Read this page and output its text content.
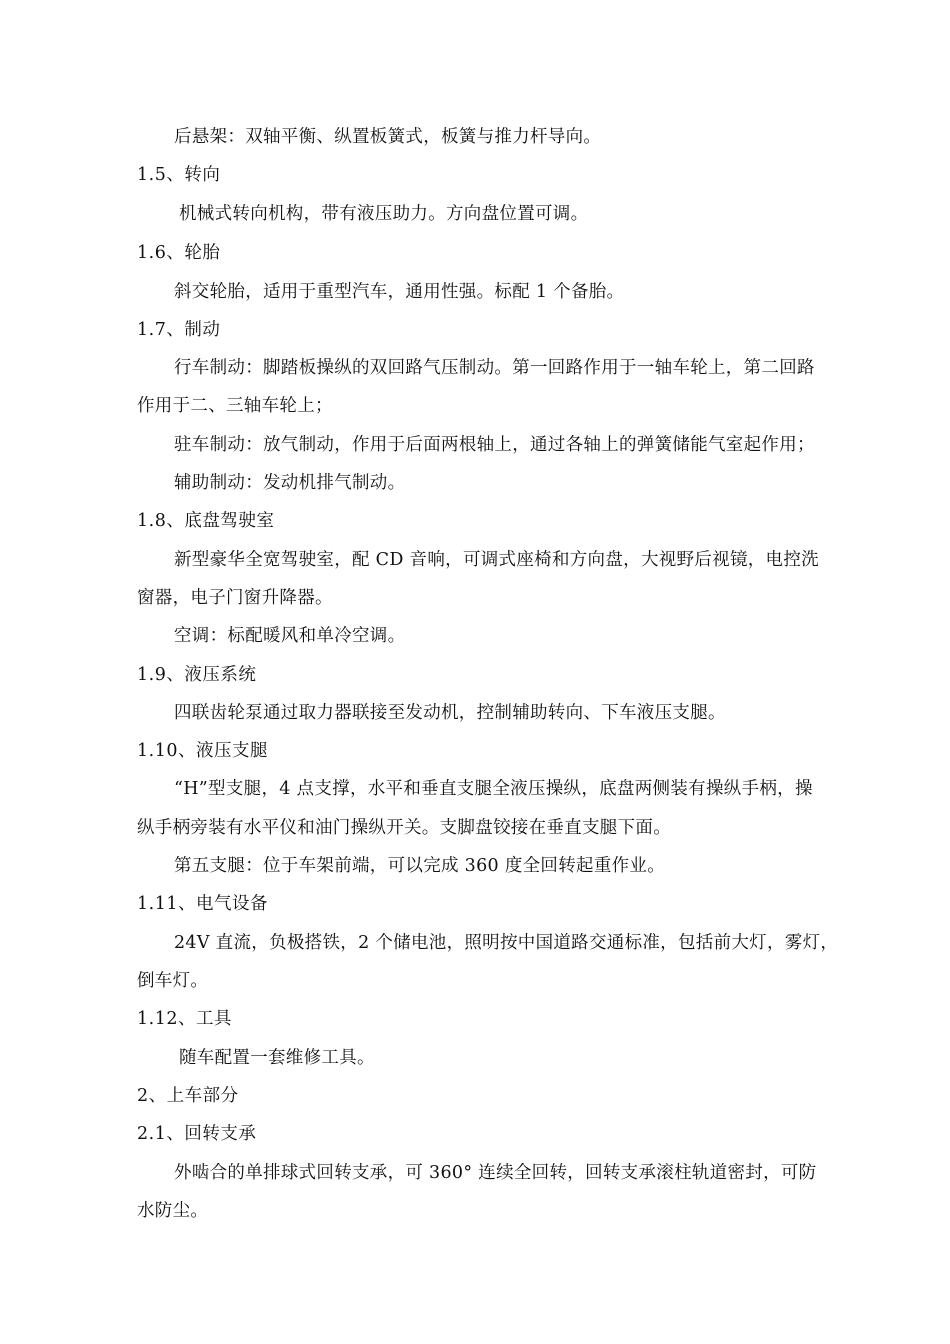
后悬架：双轴平衡、纵置板簧式，板簧与推力杆导向。
1.5、转向
机械式转向机构，带有液压助力。方向盘位置可调。
1.6、轮胎
斜交轮胎，适用于重型汽车，通用性强。标配 1 个备胎。
1.7、制动
行车制动：脚踏板操纵的双回路气压制动。第一回路作用于一轴车轮上，第二回路
作用于二、三轴车轮上；
驻车制动：放气制动，作用于后面两根轴上，通过各轴上的弹簧储能气室起作用；
辅助制动：发动机排气制动。
1.8、底盘驾驶室
新型豪华全宽驾驶室，配 CD 音响，可调式座椅和方向盘，大视野后视镜，电控洗
窗器，电子门窗升降器。
空调：标配暖风和单冷空调。
1.9、液压系统
四联齿轮泵通过取力器联接至发动机，控制辅助转向、下车液压支腿。
1.10、液压支腿
“H”型支腿，4 点支撑，水平和垂直支腿全液压操纵，底盘两侧装有操纵手柄，操
纵手柄旁装有水平仪和油门操纵开关。支脚盘铰接在垂直支腿下面。
第五支腿：位于车架前端，可以完成 360 度全回转起重作业。
1.11、电气设备
24V 直流，负极搭铁，2 个储电池，照明按中国道路交通标准，包括前大灯，雾灯，
倒车灯。
1.12、工具
随车配置一套维修工具。
2、上车部分
2.1、回转支承
外啮合的单排球式回转支承，可 360° 连续全回转，回转支承滚柱轨道密封，可防
水防尘。
